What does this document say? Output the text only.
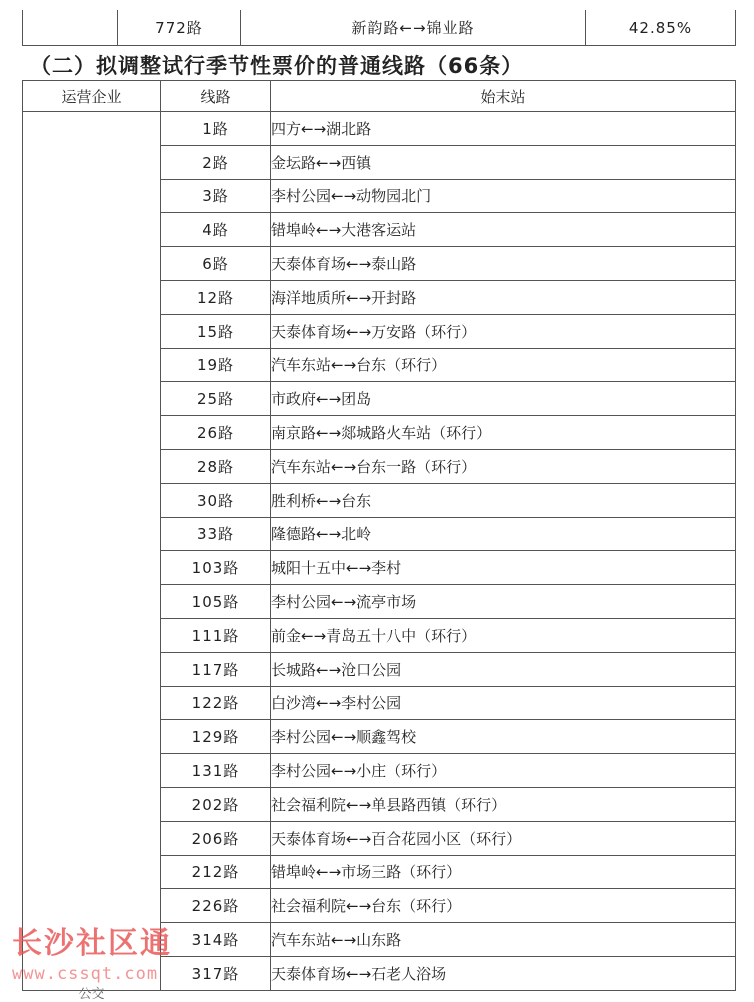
772路	新韵路←→锦业路	42.85%
（二）拟调整试行季节性票价的普通线路（66条）
运营企业	线路	始末站
公交	1路	四方←→湖北路
	2路	金坛路←→西镇
	3路	李村公园←→动物园北门
	4路	错埠岭←→大港客运站
	6路	天泰体育场←→泰山路
	12路	海洋地质所←→开封路
	15路	天泰体育场←→万安路（环行）
	19路	汽车东站←→台东（环行）
	25路	市政府←→团岛
	26路	南京路←→郯城路火车站（环行）
	28路	汽车东站←→台东一路（环行）
	30路	胜利桥←→台东
	33路	隆德路←→北岭
	103路	城阳十五中←→李村
	105路	李村公园←→流亭市场
	111路	前金←→青岛五十八中（环行）
	117路	长城路←→沧口公园
	122路	白沙湾←→李村公园
	129路	李村公园←→顺鑫驾校
	131路	李村公园←→小庄（环行）
	202路	社会福利院←→单县路西镇（环行）
	206路	天泰体育场←→百合花园小区（环行）
	212路	错埠岭←→市场三路（环行）
	226路	社会福利院←→台东（环行）
	314路	汽车东站←→山东路
	317路	天泰体育场←→石老人浴场
长沙社区通
www.cssqt.com
